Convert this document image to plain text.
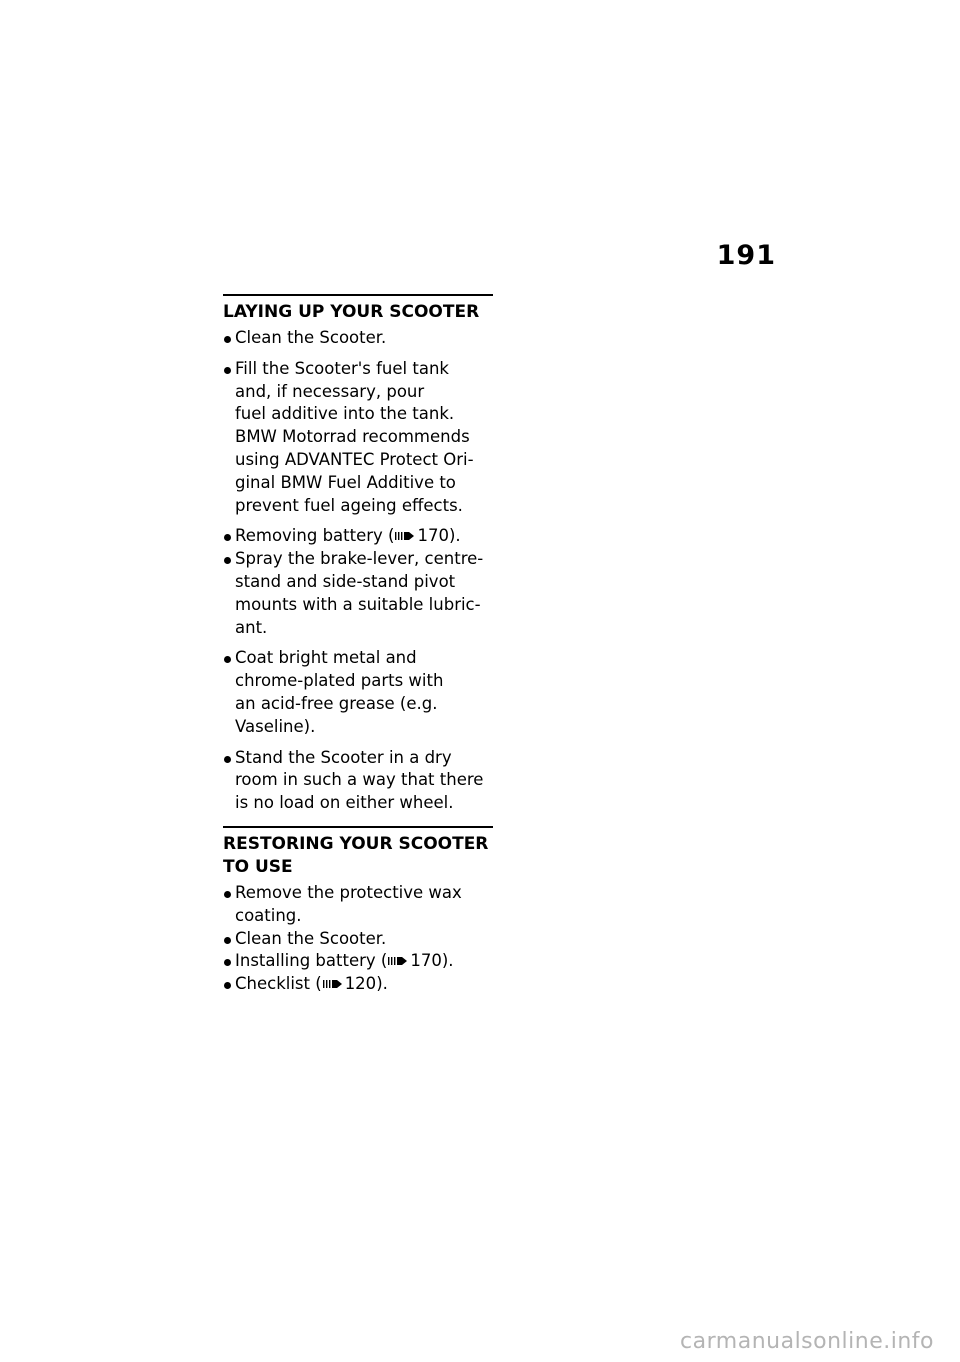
191
LAYING UP YOUR SCOOTER
Clean the Scooter.
Fill the Scooter's fuel tank
and, if necessary, pour
fuel additive into the tank.
BMW Motorrad recommends
using ADVANTEC Protect Ori-
ginal BMW Fuel Additive to
prevent fuel ageing effects.
Removing battery ( 170).
Spray the brake-lever, centre-
stand and side-stand pivot
mounts with a suitable lubric-
ant.
Coat bright metal and
chrome-plated parts with
an acid-free grease (e.g.
Vaseline).
Stand the Scooter in a dry
room in such a way that there
is no load on either wheel.
RESTORING YOUR SCOOTER
TO USE
Remove the protective wax
coating.
Clean the Scooter.
Installing battery ( 170).
Checklist ( 120).
carmanualsonline.info
